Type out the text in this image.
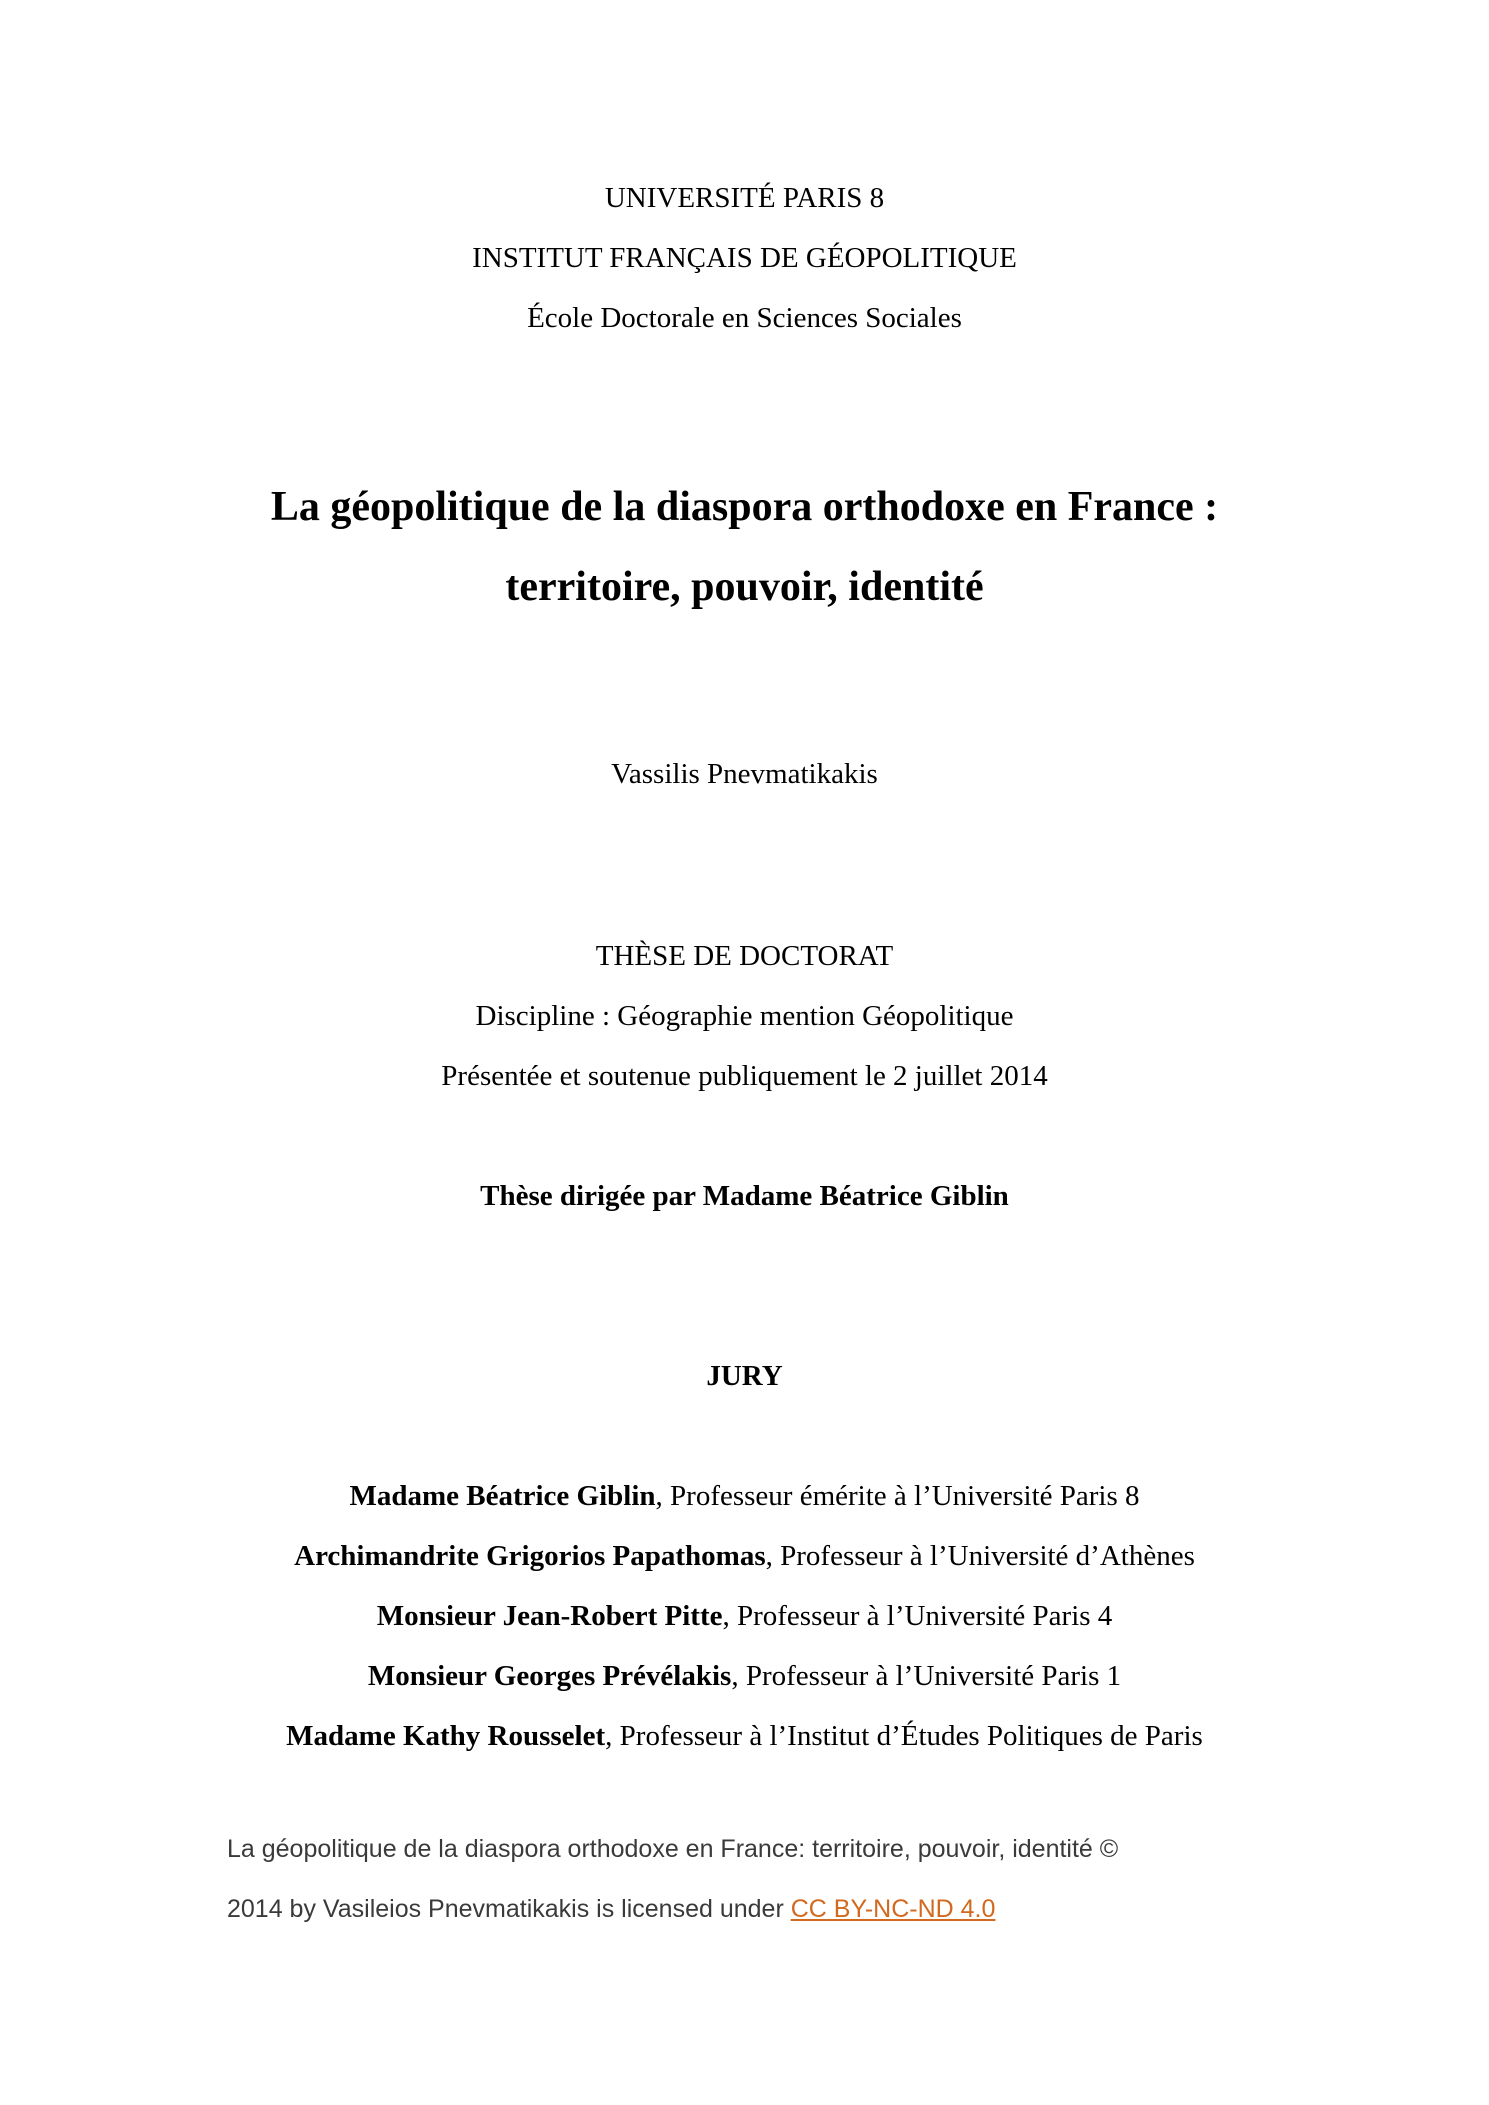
UNIVERSITÉ PARIS 8
INSTITUT FRANÇAIS DE GÉOPOLITIQUE
École Doctorale en Sciences Sociales
La géopolitique de la diaspora orthodoxe en France :
territoire, pouvoir, identité
Vassilis Pnevmatikakis
THÈSE DE DOCTORAT
Discipline : Géographie mention Géopolitique
Présentée et soutenue publiquement le 2 juillet 2014
Thèse dirigée par Madame Béatrice Giblin
JURY
Madame Béatrice Giblin, Professeur émérite à l’Université Paris 8
Archimandrite Grigorios Papathomas, Professeur à l’Université d’Athènes
Monsieur Jean-Robert Pitte, Professeur à l’Université Paris 4
Monsieur Georges Prévélakis, Professeur à l’Université Paris 1
Madame Kathy Rousselet, Professeur à l’Institut d’Études Politiques de Paris
La géopolitique de la diaspora orthodoxe en France: territoire, pouvoir, identité ©
2014 by Vasileios Pnevmatikakis is licensed under CC BY-NC-ND 4.0
